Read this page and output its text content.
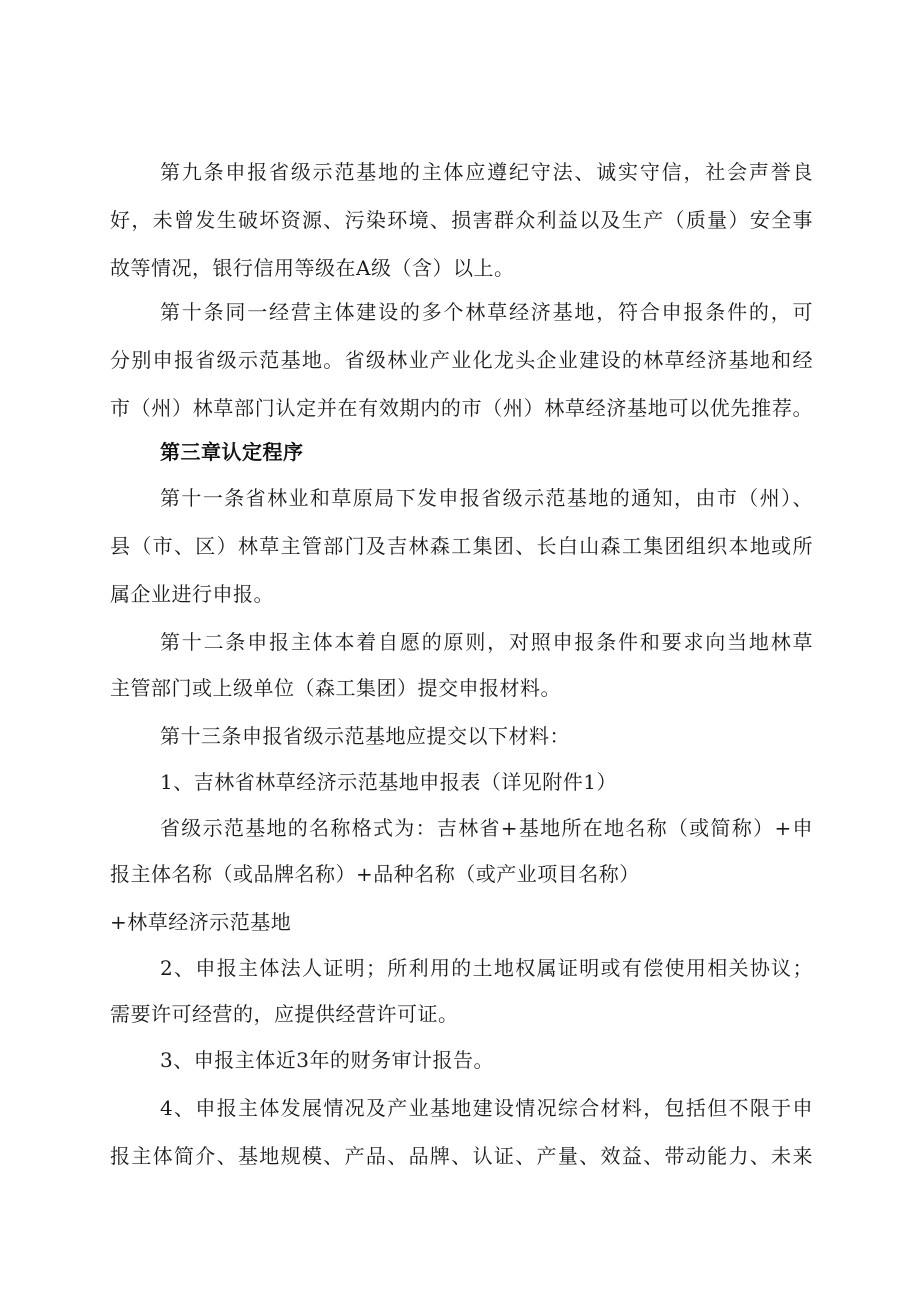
第九条申报省级示范基地的主体应遵纪守法、诚实守信，社会声誉良
好，未曾发生破坏资源、污染环境、损害群众利益以及生产（质量）安全事
故等情况，银行信用等级在A级（含）以上。
第十条同一经营主体建设的多个林草经济基地，符合申报条件的，可
分别申报省级示范基地。省级林业产业化龙头企业建设的林草经济基地和经
市（州）林草部门认定并在有效期内的市（州）林草经济基地可以优先推荐。
第三章认定程序
第十一条省林业和草原局下发申报省级示范基地的通知，由市（州）、
县（市、区）林草主管部门及吉林森工集团、长白山森工集团组织本地或所
属企业进行申报。
第十二条申报主体本着自愿的原则，对照申报条件和要求向当地林草
主管部门或上级单位（森工集团）提交申报材料。
第十三条申报省级示范基地应提交以下材料：
1、吉林省林草经济示范基地申报表（详见附件1）
省级示范基地的名称格式为：吉林省+基地所在地名称（或简称）+申
报主体名称（或品牌名称）+品种名称（或产业项目名称）
+林草经济示范基地
2、申报主体法人证明；所利用的土地权属证明或有偿使用相关协议；
需要许可经营的，应提供经营许可证。
3、申报主体近3年的财务审计报告。
4、申报主体发展情况及产业基地建设情况综合材料，包括但不限于申
报主体简介、基地规模、产品、品牌、认证、产量、效益、带动能力、未来
